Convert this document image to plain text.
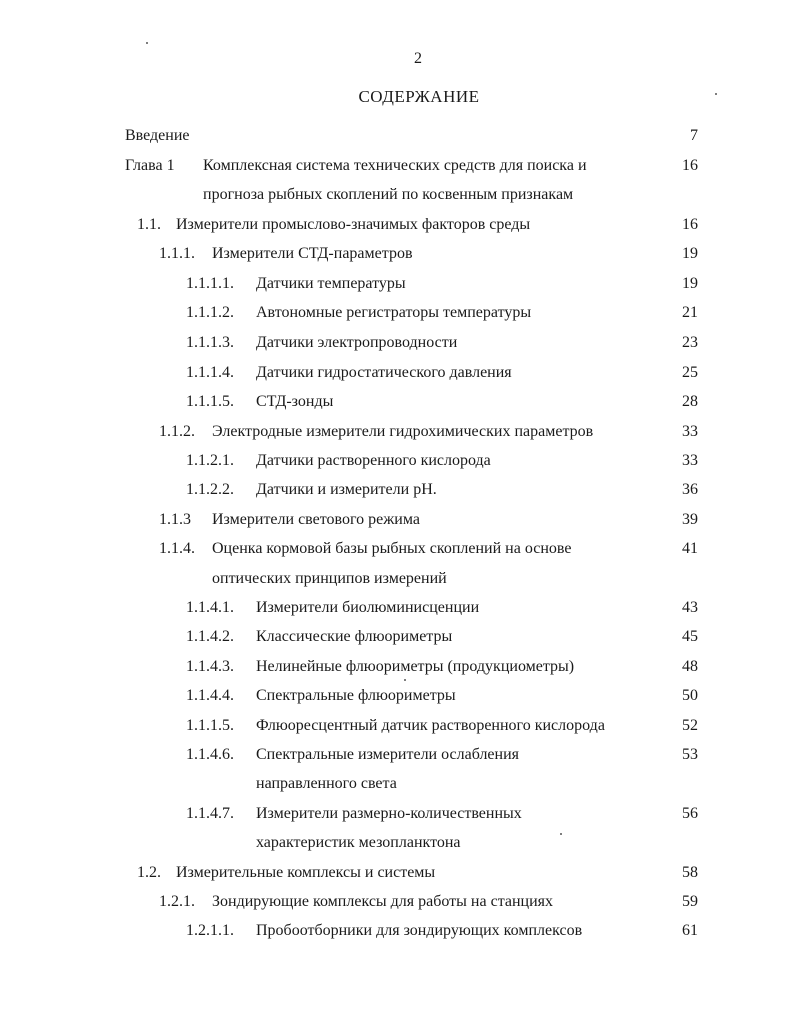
2
СОДЕРЖАНИЕ
Введение	7
Глава 1 Комплексная система технических средств для поиска и	16
прогноза рыбных скоплений по косвенным признакам
1.1. Измерители промыслово-значимых факторов среды	16
1.1.1. Измерители СТД-параметров	19
1.1.1.1. Датчики температуры	19
1.1.1.2. Автономные регистраторы температуры	21
1.1.1.3. Датчики электропроводности	23
1.1.1.4. Датчики гидростатического давления	25
1.1.1.5. СТД-зонды	28
1.1.2. Электродные измерители гидрохимических параметров	33
1.1.2.1. Датчики растворенного кислорода	33
1.1.2.2. Датчики и измерители pH.	36
1.1.3 Измерители светового режима	39
1.1.4. Оценка кормовой базы рыбных скоплений на основе	41
оптических принципов измерений
1.1.4.1. Измерители биолюминисценции	43
1.1.4.2. Классические флюориметры	45
1.1.4.3. Нелинейные флюориметры (продукциометры)	48
1.1.4.4. Спектральные флюориметры	50
1.1.1.5. Флюоресцентный датчик растворенного кислорода	52
1.1.4.6. Спектральные измерители ослабления	53
направленного света
1.1.4.7. Измерители размерно-количественных	56
характеристик мезопланктона
1.2. Измерительные комплексы и системы	58
1.2.1. Зондирующие комплексы для работы на станциях	59
1.2.1.1. Пробоотборники для зондирующих комплексов	61
